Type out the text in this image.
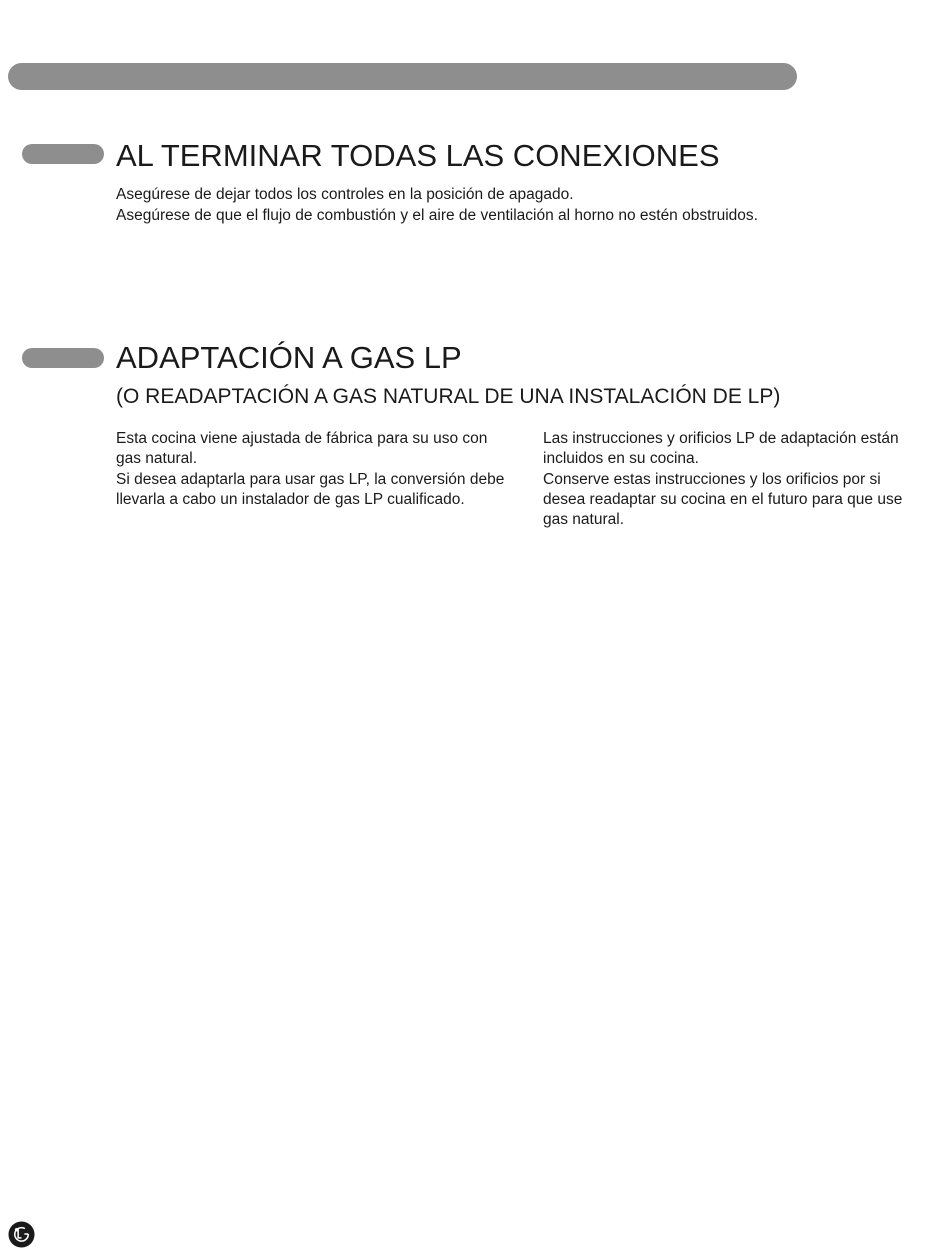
AL TERMINAR TODAS LAS CONEXIONES

Asegúrese de dejar todos los controles en la posición de apagado.

Asegúrese de que el flujo de combustión y el aire de ventilación al horno no estén obstruidos.

ADAPTACIÓN A GAS LP
(O READAPTACIÓN A GAS NATURAL DE UNA INSTALACIÓN DE LP)

Esta cocina viene ajustada de fábrica para su uso con gas natural.

Si desea adaptarla para usar gas LP, la conversión debe llevarla a cabo un instalador de gas LP cualificado.

Las instrucciones y orificios LP de adaptación están incluidos en su cocina.

Conserve estas instrucciones y los orificios por si desea readaptar su cocina en el futuro para que use gas natural.
